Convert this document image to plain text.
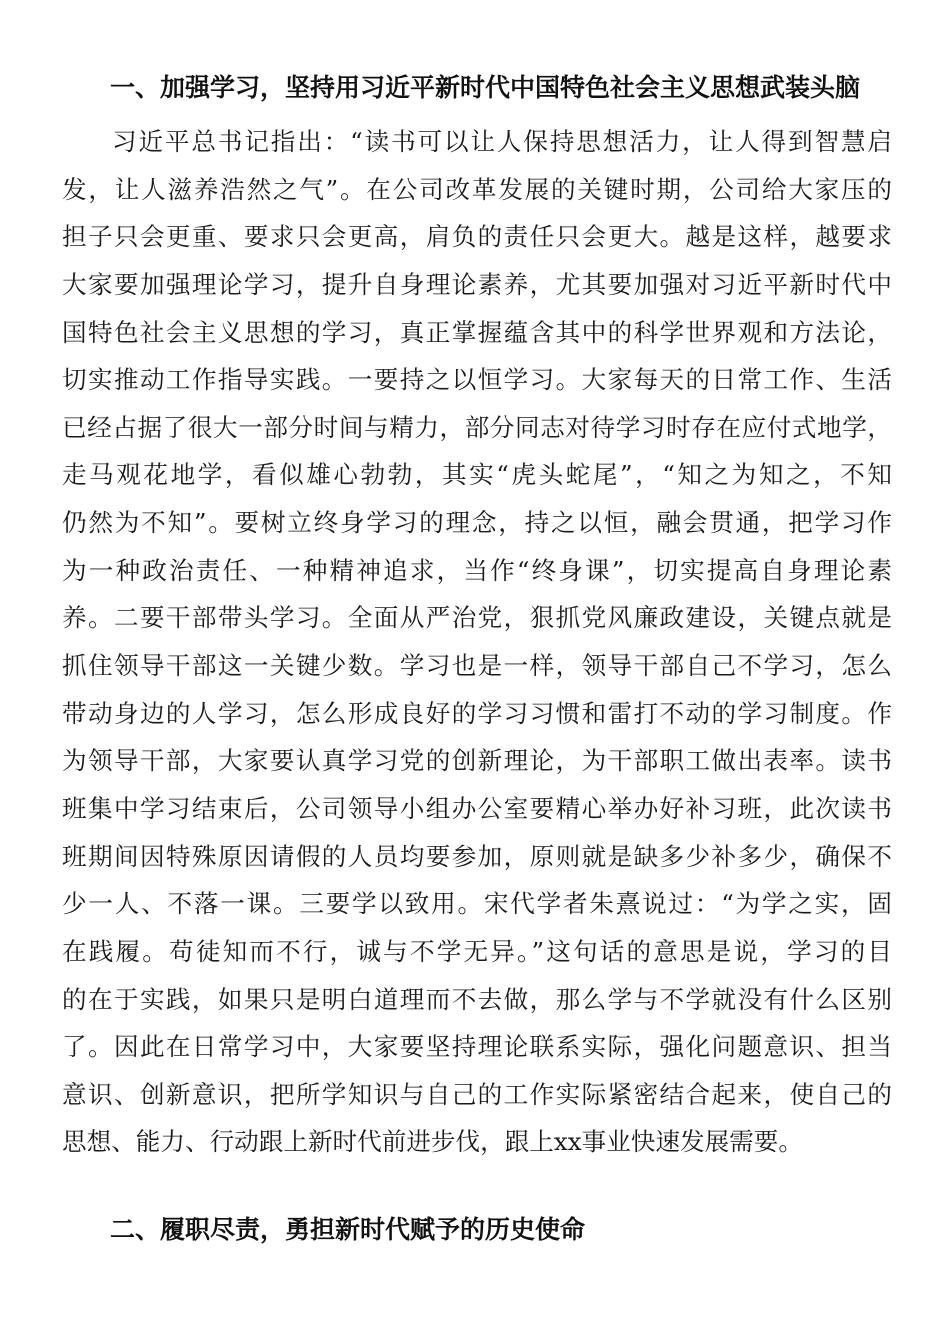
一、加强学习，坚持用习近平新时代中国特色社会主义思想武装头脑
习近平总书记指出：“读书可以让人保持思想活力，让人得到智慧启
发，让人滋养浩然之气”。在公司改革发展的关键时期，公司给大家压的
担子只会更重、要求只会更高，肩负的责任只会更大。越是这样，越要求
大家要加强理论学习，提升自身理论素养，尤其要加强对习近平新时代中
国特色社会主义思想的学习，真正掌握蕴含其中的科学世界观和方法论，
切实推动工作指导实践。一要持之以恒学习。大家每天的日常工作、生活
已经占据了很大一部分时间与精力，部分同志对待学习时存在应付式地学，
走马观花地学，看似雄心勃勃，其实“虎头蛇尾”，“知之为知之，不知
仍然为不知”。要树立终身学习的理念，持之以恒，融会贯通，把学习作
为一种政治责任、一种精神追求，当作“终身课”，切实提高自身理论素
养。二要干部带头学习。全面从严治党，狠抓党风廉政建设，关键点就是
抓住领导干部这一关键少数。学习也是一样，领导干部自己不学习，怎么
带动身边的人学习，怎么形成良好的学习习惯和雷打不动的学习制度。作
为领导干部，大家要认真学习党的创新理论，为干部职工做出表率。读书
班集中学习结束后，公司领导小组办公室要精心举办好补习班，此次读书
班期间因特殊原因请假的人员均要参加，原则就是缺多少补多少，确保不
少一人、不落一课。三要学以致用。宋代学者朱熹说过：“为学之实，固
在践履。苟徒知而不行，诚与不学无异。”这句话的意思是说，学习的目
的在于实践，如果只是明白道理而不去做，那么学与不学就没有什么区别
了。因此在日常学习中，大家要坚持理论联系实际，强化问题意识、担当
意识、创新意识，把所学知识与自己的工作实际紧密结合起来，使自己的
思想、能力、行动跟上新时代前进步伐，跟上xx事业快速发展需要。
二、履职尽责，勇担新时代赋予的历史使命
